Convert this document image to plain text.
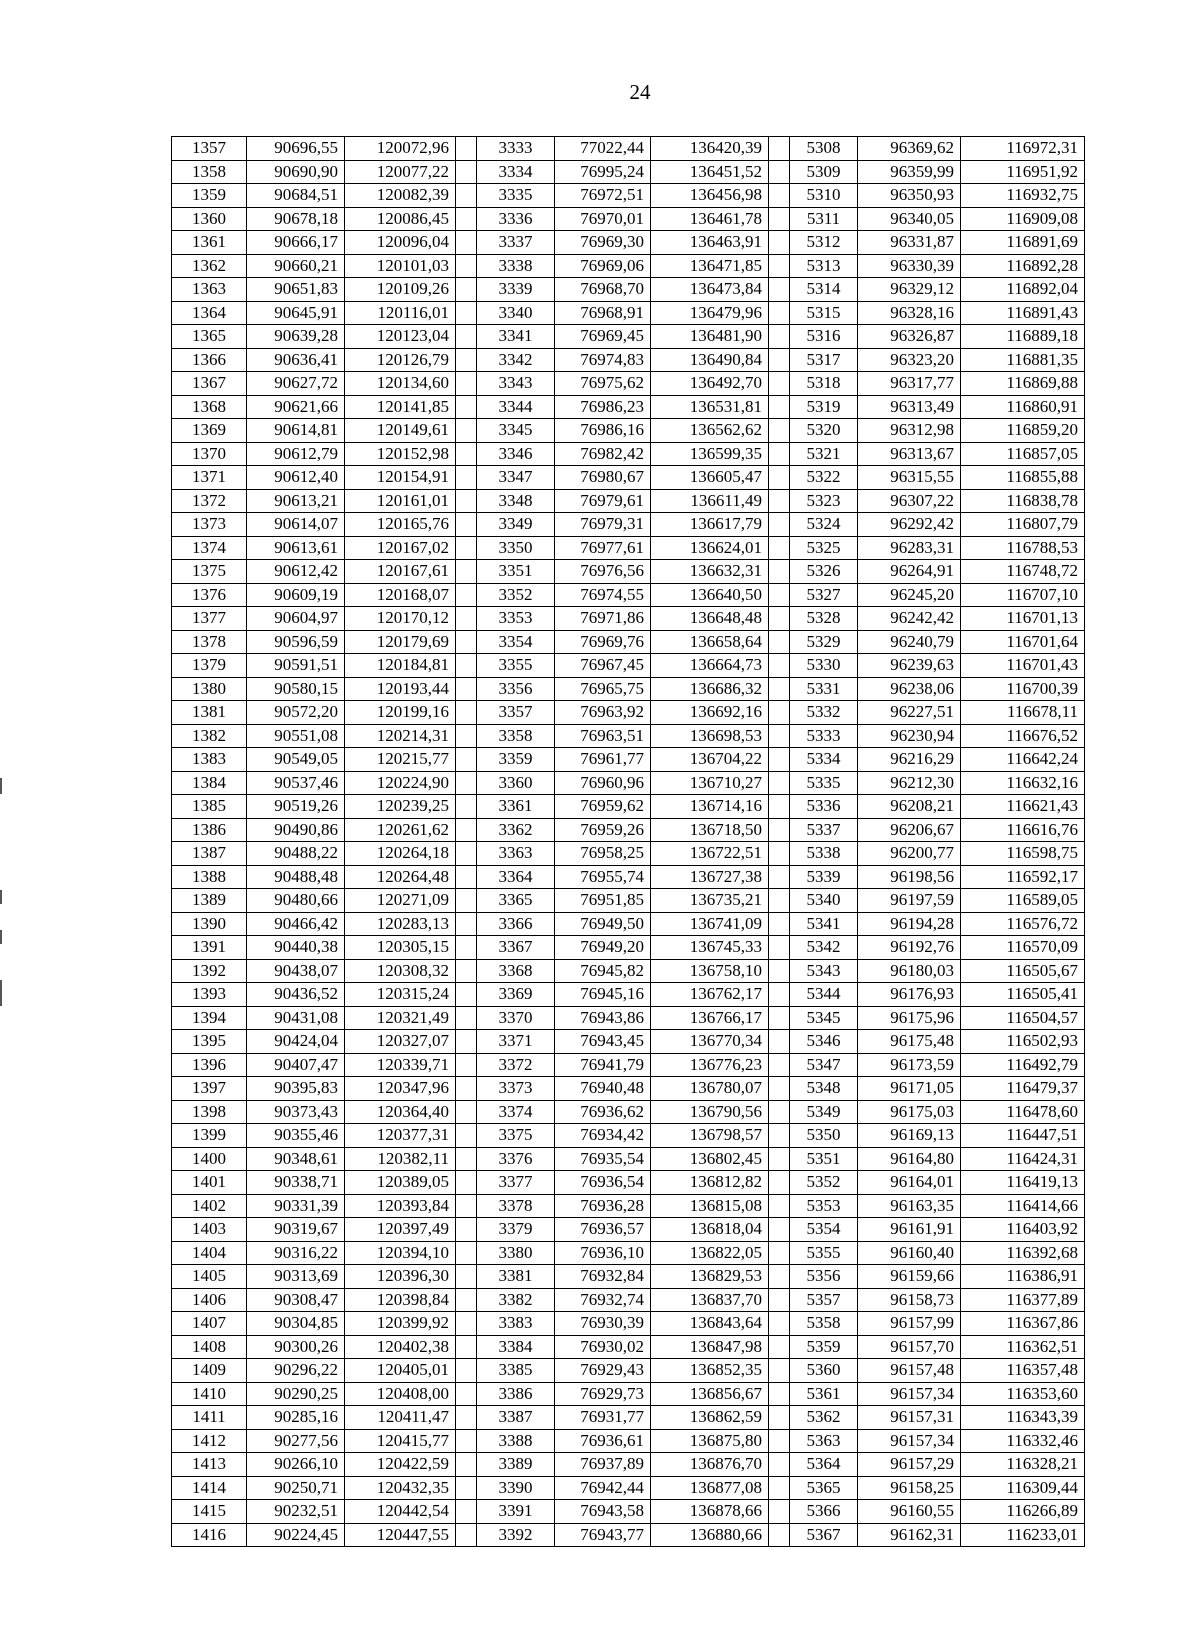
24
1357	90696,55	120072,96		3333	77022,44	136420,39		5308	96369,62	116972,31
1358	90690,90	120077,22		3334	76995,24	136451,52		5309	96359,99	116951,92
1359	90684,51	120082,39		3335	76972,51	136456,98		5310	96350,93	116932,75
1360	90678,18	120086,45		3336	76970,01	136461,78		5311	96340,05	116909,08
1361	90666,17	120096,04		3337	76969,30	136463,91		5312	96331,87	116891,69
1362	90660,21	120101,03		3338	76969,06	136471,85		5313	96330,39	116892,28
1363	90651,83	120109,26		3339	76968,70	136473,84		5314	96329,12	116892,04
1364	90645,91	120116,01		3340	76968,91	136479,96		5315	96328,16	116891,43
1365	90639,28	120123,04		3341	76969,45	136481,90		5316	96326,87	116889,18
1366	90636,41	120126,79		3342	76974,83	136490,84		5317	96323,20	116881,35
1367	90627,72	120134,60		3343	76975,62	136492,70		5318	96317,77	116869,88
1368	90621,66	120141,85		3344	76986,23	136531,81		5319	96313,49	116860,91
1369	90614,81	120149,61		3345	76986,16	136562,62		5320	96312,98	116859,20
1370	90612,79	120152,98		3346	76982,42	136599,35		5321	96313,67	116857,05
1371	90612,40	120154,91		3347	76980,67	136605,47		5322	96315,55	116855,88
1372	90613,21	120161,01		3348	76979,61	136611,49		5323	96307,22	116838,78
1373	90614,07	120165,76		3349	76979,31	136617,79		5324	96292,42	116807,79
1374	90613,61	120167,02		3350	76977,61	136624,01		5325	96283,31	116788,53
1375	90612,42	120167,61		3351	76976,56	136632,31		5326	96264,91	116748,72
1376	90609,19	120168,07		3352	76974,55	136640,50		5327	96245,20	116707,10
1377	90604,97	120170,12		3353	76971,86	136648,48		5328	96242,42	116701,13
1378	90596,59	120179,69		3354	76969,76	136658,64		5329	96240,79	116701,64
1379	90591,51	120184,81		3355	76967,45	136664,73		5330	96239,63	116701,43
1380	90580,15	120193,44		3356	76965,75	136686,32		5331	96238,06	116700,39
1381	90572,20	120199,16		3357	76963,92	136692,16		5332	96227,51	116678,11
1382	90551,08	120214,31		3358	76963,51	136698,53		5333	96230,94	116676,52
1383	90549,05	120215,77		3359	76961,77	136704,22		5334	96216,29	116642,24
1384	90537,46	120224,90		3360	76960,96	136710,27		5335	96212,30	116632,16
1385	90519,26	120239,25		3361	76959,62	136714,16		5336	96208,21	116621,43
1386	90490,86	120261,62		3362	76959,26	136718,50		5337	96206,67	116616,76
1387	90488,22	120264,18		3363	76958,25	136722,51		5338	96200,77	116598,75
1388	90488,48	120264,48		3364	76955,74	136727,38		5339	96198,56	116592,17
1389	90480,66	120271,09		3365	76951,85	136735,21		5340	96197,59	116589,05
1390	90466,42	120283,13		3366	76949,50	136741,09		5341	96194,28	116576,72
1391	90440,38	120305,15		3367	76949,20	136745,33		5342	96192,76	116570,09
1392	90438,07	120308,32		3368	76945,82	136758,10		5343	96180,03	116505,67
1393	90436,52	120315,24		3369	76945,16	136762,17		5344	96176,93	116505,41
1394	90431,08	120321,49		3370	76943,86	136766,17		5345	96175,96	116504,57
1395	90424,04	120327,07		3371	76943,45	136770,34		5346	96175,48	116502,93
1396	90407,47	120339,71		3372	76941,79	136776,23		5347	96173,59	116492,79
1397	90395,83	120347,96		3373	76940,48	136780,07		5348	96171,05	116479,37
1398	90373,43	120364,40		3374	76936,62	136790,56		5349	96175,03	116478,60
1399	90355,46	120377,31		3375	76934,42	136798,57		5350	96169,13	116447,51
1400	90348,61	120382,11		3376	76935,54	136802,45		5351	96164,80	116424,31
1401	90338,71	120389,05		3377	76936,54	136812,82		5352	96164,01	116419,13
1402	90331,39	120393,84		3378	76936,28	136815,08		5353	96163,35	116414,66
1403	90319,67	120397,49		3379	76936,57	136818,04		5354	96161,91	116403,92
1404	90316,22	120394,10		3380	76936,10	136822,05		5355	96160,40	116392,68
1405	90313,69	120396,30		3381	76932,84	136829,53		5356	96159,66	116386,91
1406	90308,47	120398,84		3382	76932,74	136837,70		5357	96158,73	116377,89
1407	90304,85	120399,92		3383	76930,39	136843,64		5358	96157,99	116367,86
1408	90300,26	120402,38		3384	76930,02	136847,98		5359	96157,70	116362,51
1409	90296,22	120405,01		3385	76929,43	136852,35		5360	96157,48	116357,48
1410	90290,25	120408,00		3386	76929,73	136856,67		5361	96157,34	116353,60
1411	90285,16	120411,47		3387	76931,77	136862,59		5362	96157,31	116343,39
1412	90277,56	120415,77		3388	76936,61	136875,80		5363	96157,34	116332,46
1413	90266,10	120422,59		3389	76937,89	136876,70		5364	96157,29	116328,21
1414	90250,71	120432,35		3390	76942,44	136877,08		5365	96158,25	116309,44
1415	90232,51	120442,54		3391	76943,58	136878,66		5366	96160,55	116266,89
1416	90224,45	120447,55		3392	76943,77	136880,66		5367	96162,31	116233,01
